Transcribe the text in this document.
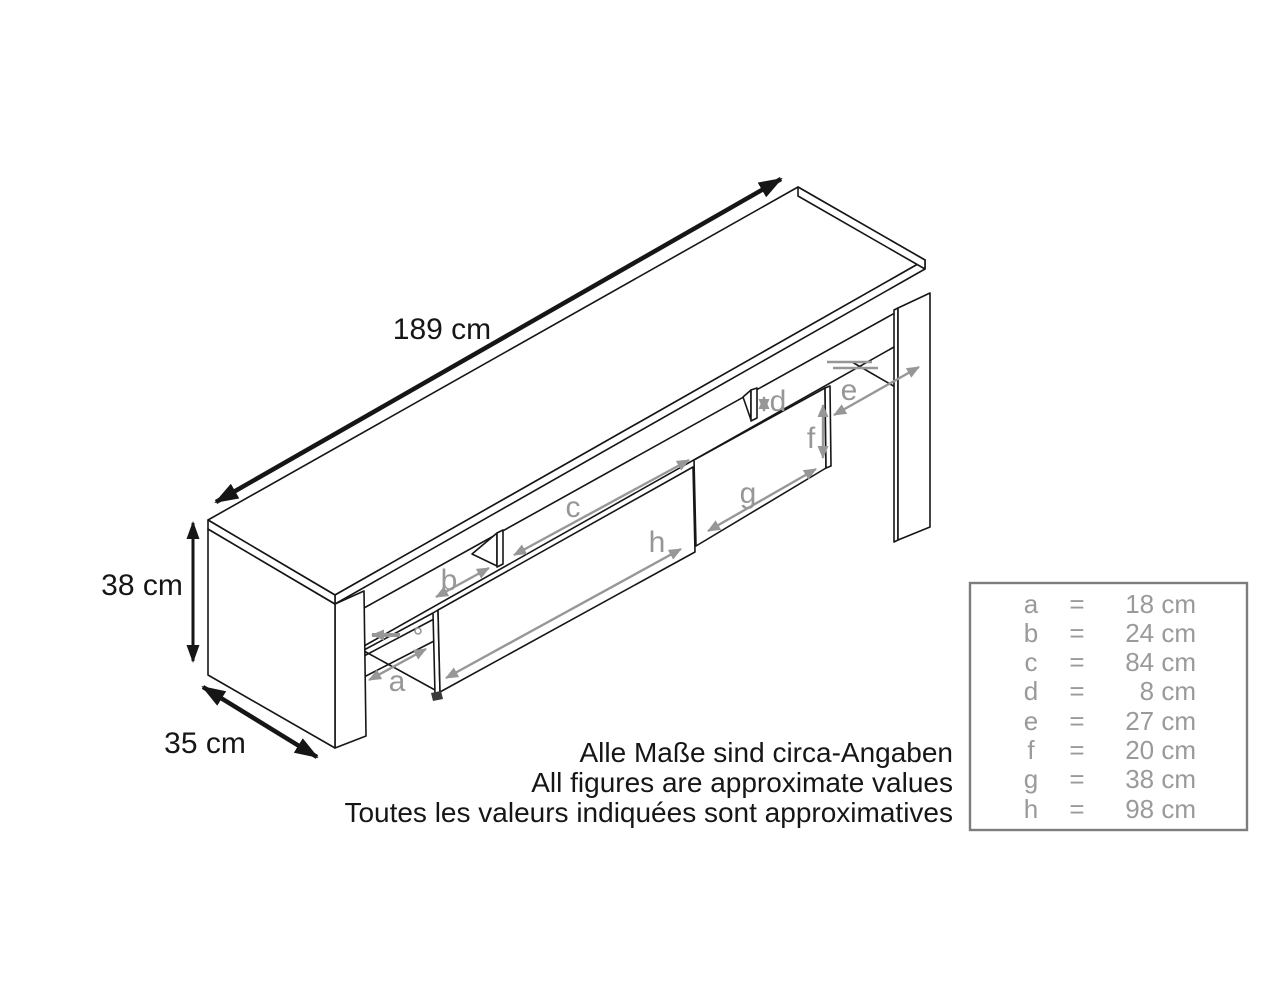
a
b
c
d e
f
g
h
189 cm
38 cm
35 cm	Alle Maße sind circa-Angaben
All figures are approximate values
Toutes les valeurs indiquées sont approximatives
a = 18 cm
b = 24 cm
c = 84 cm
d = 8 cm
e = 27 cm
f = 20 cm
g = 38 cm
h = 98 cm
